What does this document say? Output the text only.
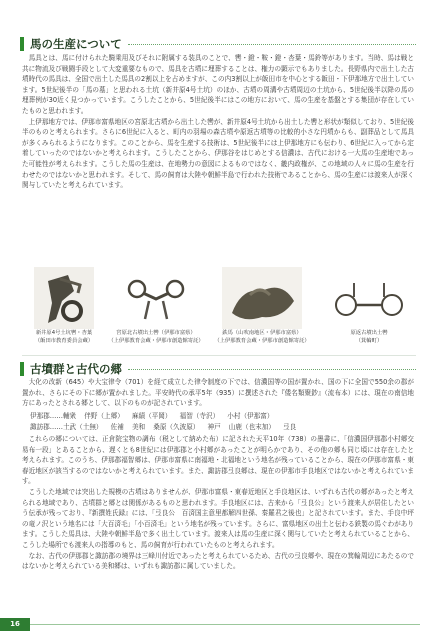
馬の生産について

馬具とは、馬に付けられた騎乗用及びそれに附属する装具のことで、轡・鐙・鞍・鐙・杏葉・馬鈴等があります。当時、馬は戦と共に物流及び戦闘手段として大変重要なもので、馬具を古墳に埋葬することは、権力の顕示でもありました。長野県内で出土した古墳時代の馬具は、全国で出土した馬具の2割以上を占めますが、この内3割以上が飯田市を中心とする飯田・下伊那地方で出土しています。5世紀後半の「馬の墓」と思われる土坑（新井原4号土坑）のほか、古墳の周溝や古墳周辺の土坑から、5世紀後半以降の馬の埋葬例が30近く見つかっています。こうしたことから、5世紀後半にはこの地方において、馬の生産を基盤とする集団が存在していたものと思われます。

上伊那地方では、伊那市富県地区の宮原北古墳から出土した轡が、新井原4号土坑から出土した轡と形状が類似しており、5世紀後半のものと考えられます。さらに6世紀に入ると、町内の羽場の森古墳や原返古墳等の比較的小さな円墳からも、副葬品として馬具が多くみられるようになります。このことから、馬を生産する技術は、5世紀後半には上伊那地方にも伝わり、6世紀に入ってから定着していったのではないかと考えられます。こうしたことから、伊那谷をはじめとする信濃は、古代における一大馬の生産地であった可能性が考えられます。こうした馬の生産は、在地勢力の意図によるものではなく、畿内政権が、この地域の人々に馬の生産を行わせたのではないかと思われます。そして、馬の飼育は大陸や朝鮮半島で行われた技術であることから、馬の生産には渡来人が深く関与していたと考えられています。

新井原4号土坑轡・杏葉
（飯田市教育委員会蔵）
宮原北古墳出土轡（伊那市富県）
（上伊那教育会蔵・伊那市創造館寄託）
鉄馬（山吹南地区・伊那市富県）
（上伊那教育会蔵・伊那市創造館寄託）
原返古墳出土轡
（箕輪町）
古墳群と古代の郷

大化の改新（645）や大宝律令（701）を経て成立した律令制度の下では、信濃国等の国が置かれ、国の下に全国で550余の郡が置かれ、さらにその下に郷が置かれました。平安時代の承平5年（935）に撰述された『倭名類聚鈔』（流布本）には、現在の南信地方にあったとされる郷として、以下のものが記されています。

伊那郡……輔衆 伴野（上郷） 麻績（平岡） 福智（寺沢） 小村（伊那富）
諏訪郡……土武（土無） 佐補 美和 桑原（久波原） 神戸 山鹿（也末加） 弖良

これらの郷については、正倉院宝物の調布（税として納めた布）に記された天平10年（738）の墨書に、「信濃国伊那郡小村郷交易布一段」とあることから、遅くとも8世紀には伊那郡と小村郷があったことが明らかであり、その他の郷も同じ頃には存在したと考えられます。このうち、伊那郡福智郷は、伊那市富県に南福地・北福地という地名が残っていることから、現在の伊那市富県・東春近地区が該当するのではないかと考えられています。また、諏訪郡弖良郷は、現在の伊那市手良地区ではないかと考えられています。

こうした地域では突出した規模の古墳はありませんが、伊那市富県・東春近地区と手良地区は、いずれも古代の郷があったと考えられる地域であり、古墳群と郷とは関係があるものと思われます。手良地区には、古来から「弖良公」という渡来人が居住したという伝承が残っており、『新撰姓氏録』には、「弖良公　百済国主意里都解四世孫、秦羅君之後也」と記されています。また、手良中坪の竜ノ沢という地名には「大百済毛」「小百済毛」という地名が残っています。さらに、富県地区の出土と伝わる鉄製の馬ぐわがあります。こうした馬具は、大陸や朝鮮半島で多く出土しています。渡来人は馬の生産に深く関与していたと考えられていることから、こうした場所でも渡来人の指導のもと、馬の飼育が行われていたものと考えられます。

なお、古代の伊那郡と諏訪郡の境界は三峰川付近であったと考えられているため、古代の弖良郷や、現在の箕輪周辺にあたるのではないかと考えられている美和郷は、いずれも諏訪郡に属していました。

16
